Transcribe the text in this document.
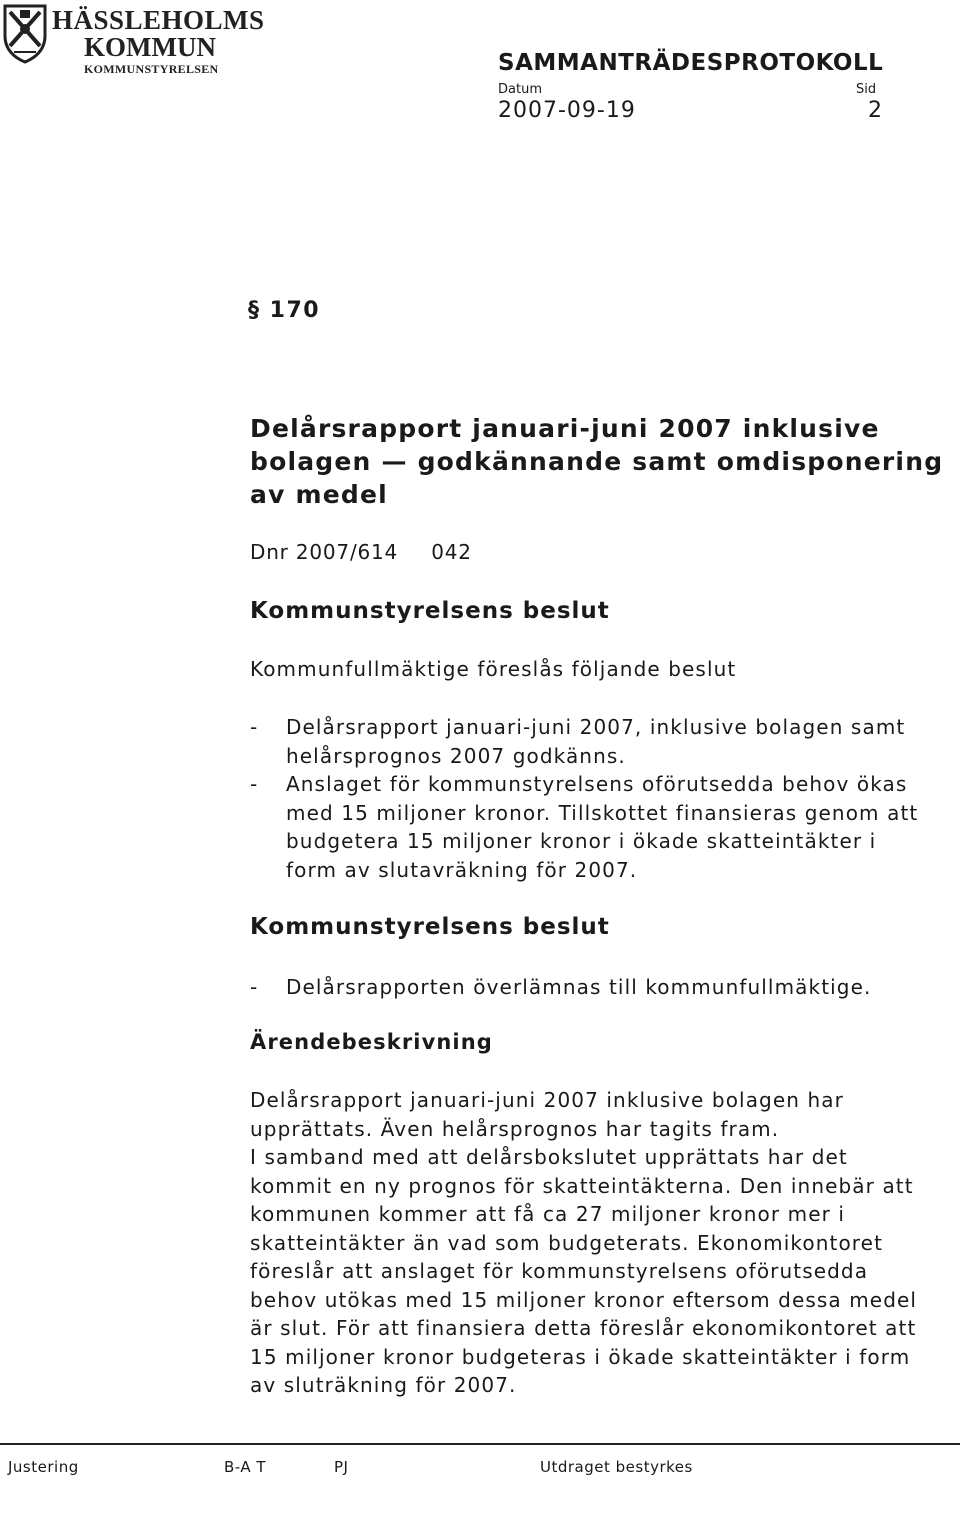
HÄSSLEHOLMS
KOMMUN
KOMMUNSTYRELSEN	SAMMANTRÄDESPROTOKOLL
Datum	Sid
2007-09-19	2
§ 170
Delårsrapport januari-juni 2007 inklusive
bolagen — godkännande samt omdisponering
av medel
Dnr 2007/614 042
Kommunstyrelsens beslut
Kommunfullmäktige föreslås följande beslut
- Delårsrapport januari-juni 2007, inklusive bolagen samt
helårsprognos 2007 godkänns.
- Anslaget för kommunstyrelsens oförutsedda behov ökas
med 15 miljoner kronor. Tillskottet finansieras genom att
budgetera 15 miljoner kronor i ökade skatteintäkter i
form av slutavräkning för 2007.
Kommunstyrelsens beslut
- Delårsrapporten överlämnas till kommunfullmäktige.
Ärendebeskrivning
Delårsrapport januari-juni 2007 inklusive bolagen har
upprättats. Även helårsprognos har tagits fram.
I samband med att delårsbokslutet upprättats har det
kommit en ny prognos för skatteintäkterna. Den innebär att
kommunen kommer att få ca 27 miljoner kronor mer i
skatteintäkter än vad som budgeterats. Ekonomikontoret
föreslår att anslaget för kommunstyrelsens oförutsedda
behov utökas med 15 miljoner kronor eftersom dessa medel
är slut. För att finansiera detta föreslår ekonomikontoret att
15 miljoner kronor budgeteras i ökade skatteintäkter i form
av sluträkning för 2007.
Justering	B-A T	PJ	Utdraget bestyrkes
